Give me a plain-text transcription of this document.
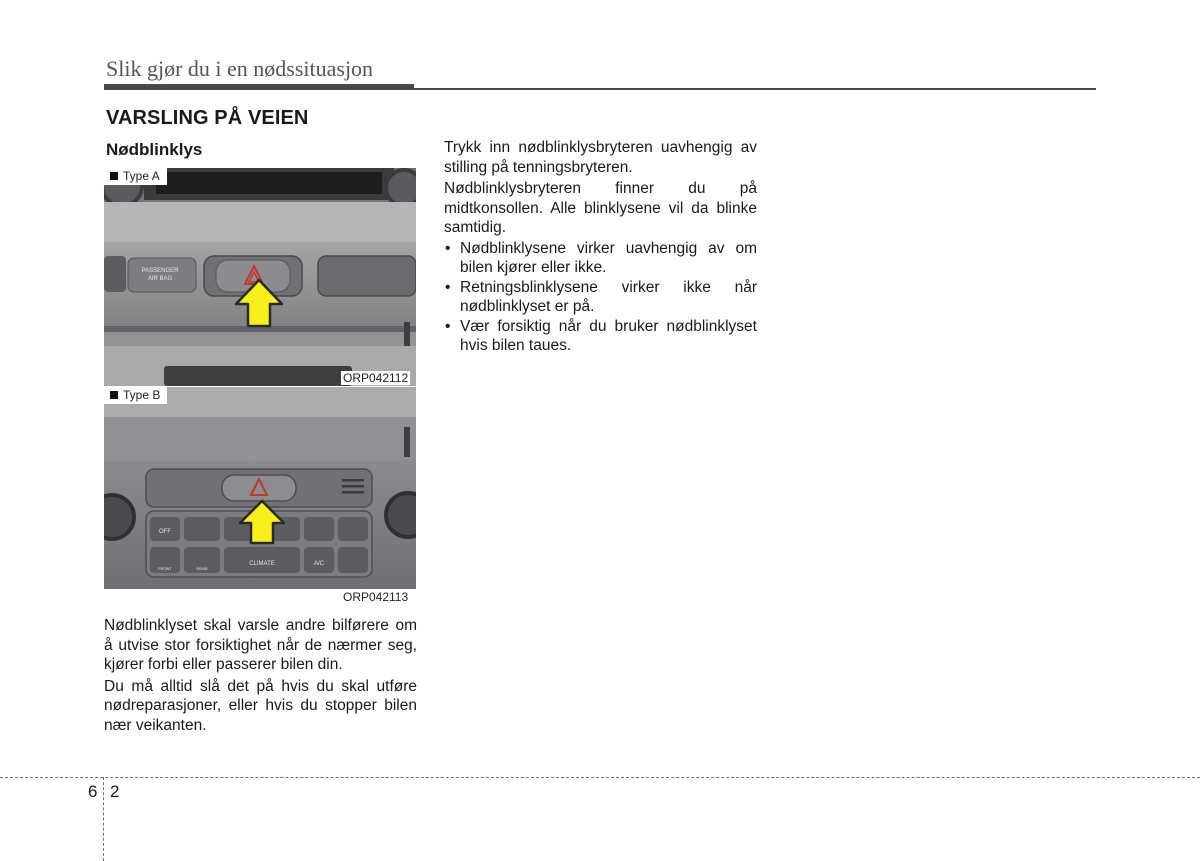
Slik gjør du i en nødssituasjon
VARSLING PÅ VEIEN
Nødblinklys
PASSENGER
AIR BAG
Type A
ORP042112
OFF
FRONT	REAR
CLIMATE	A/C
Type B
ORP042113

Nødblinklyset skal varsle andre bilførere om å utvise stor forsiktighet når de nærmer seg, kjører forbi eller passerer bilen din.

Du må alltid slå det på hvis du skal utføre nødreparasjoner, eller hvis du stopper bilen nær veikanten.

Trykk inn nødblinklysbryteren uavhengig av stilling på tenningsbryteren.

Nødblinklysbryteren finner du på midtkonsollen. Alle blinklysene vil da blinke samtidig.

• Nødblinklysene virker uavhengig av om bilen kjører eller ikke.
• Retningsblinklysene virker ikke når nødblinklyset er på.
• Vær forsiktig når du bruker nødblinklyset hvis bilen taues.
6 2
